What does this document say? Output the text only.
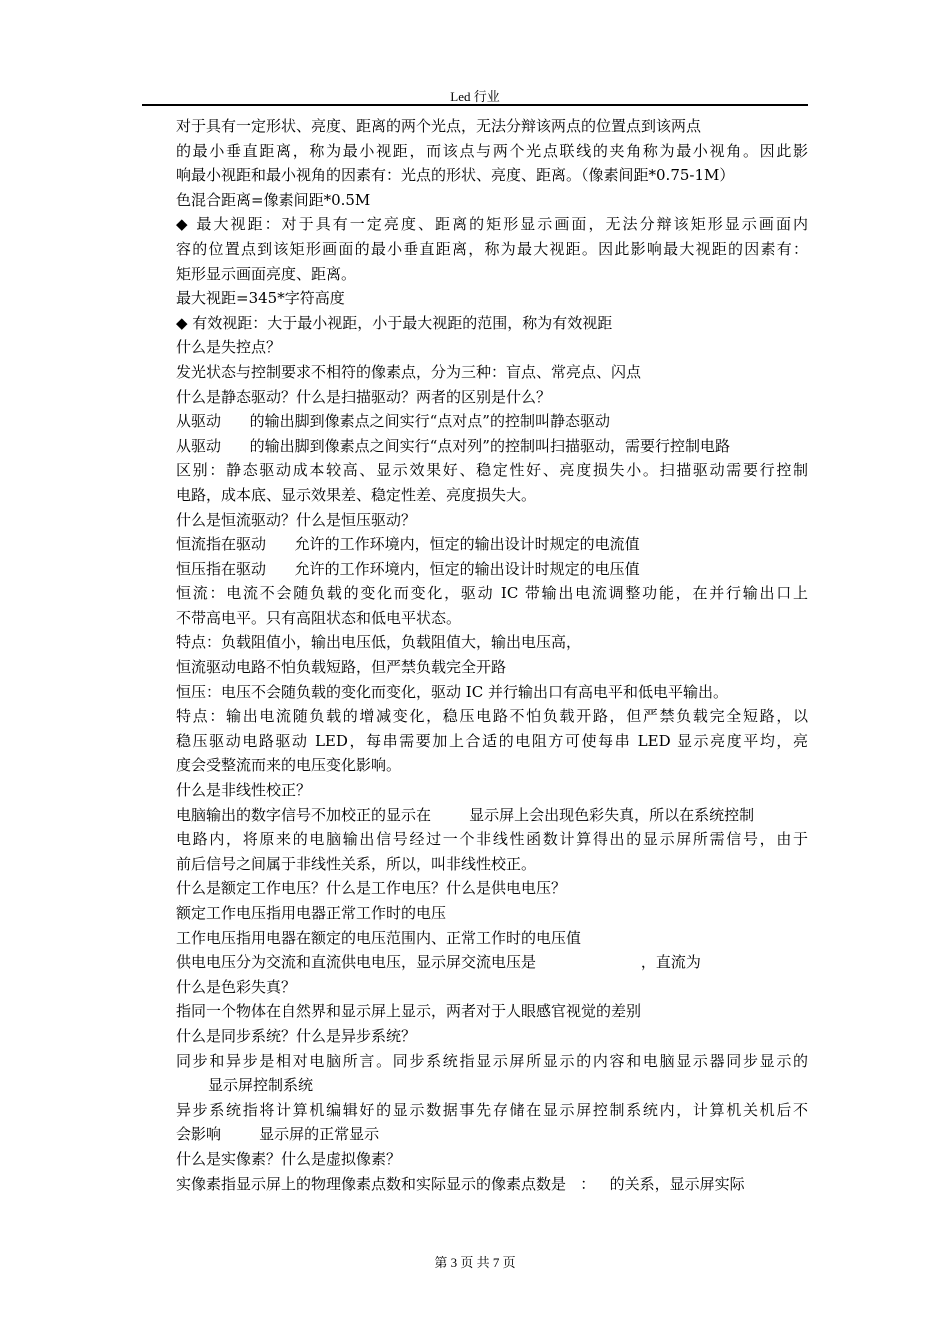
Led 行业
对于具有一定形状、亮度、距离的两个光点，无法分辩该两点的位置点到该两点
的最小垂直距离，称为最小视距，而该点与两个光点联线的夹角称为最小视角。因此影
响最小视距和最小视角的因素有：光点的形状、亮度、距离。（像素间距*0.75-1M）
色混合距离=像素间距*0.5M
◆ 最大视距：对于具有一定亮度、距离的矩形显示画面，无法分辩该矩形显示画面内
容的位置点到该矩形画面的最小垂直距离，称为最大视距。因此影响最大视距的因素有：
矩形显示画面亮度、距离。
最大视距=345*字符高度
◆ 有效视距：大于最小视距，小于最大视距的范围，称为有效视距
什么是失控点？
发光状态与控制要求不相符的像素点，分为三种：盲点、常亮点、闪点
什么是静态驱动？什么是扫描驱动？两者的区别是什么？
从驱动      的输出脚到像素点之间实行“点对点”的控制叫静态驱动
从驱动      的输出脚到像素点之间实行“点对列”的控制叫扫描驱动，需要行控制电路
区别：静态驱动成本较高、显示效果好、稳定性好、亮度损失小。扫描驱动需要行控制
电路，成本底、显示效果差、稳定性差、亮度损失大。
什么是恒流驱动？什么是恒压驱动？
恒流指在驱动      允许的工作环境内，恒定的输出设计时规定的电流值
恒压指在驱动      允许的工作环境内，恒定的输出设计时规定的电压值
恒流：电流不会随负载的变化而变化，驱动 IC 带输出电流调整功能，在并行输出口上
不带高电平。只有高阻状态和低电平状态。
特点：负载阻值小，输出电压低，负载阻值大，输出电压高，
恒流驱动电路不怕负载短路，但严禁负载完全开路
恒压：电压不会随负载的变化而变化，驱动 IC 并行输出口有高电平和低电平输出。
特点：输出电流随负载的增减变化，稳压电路不怕负载开路，但严禁负载完全短路，以
稳压驱动电路驱动 LED，每串需要加上合适的电阻方可使每串 LED 显示亮度平均，亮
度会受整流而来的电压变化影响。
什么是非线性校正？
电脑输出的数字信号不加校正的显示在        显示屏上会出现色彩失真，所以在系统控制
电路内，将原来的电脑输出信号经过一个非线性函数计算得出的显示屏所需信号，由于
前后信号之间属于非线性关系，所以，叫非线性校正。
什么是额定工作电压？什么是工作电压？什么是供电电压？
额定工作电压指用电器正常工作时的电压
工作电压指用电器在额定的电压范围内、正常工作时的电压值
供电电压分为交流和直流供电电压，显示屏交流电压是                      ，直流为
什么是色彩失真？
指同一个物体在自然界和显示屏上显示，两者对于人眼感官视觉的差别
什么是同步系统？什么是异步系统？
同步和异步是相对电脑所言。同步系统指显示屏所显示的内容和电脑显示器同步显示的
显示屏控制系统
异步系统指将计算机编辑好的显示数据事先存储在显示屏控制系统内，计算机关机后不
会影响        显示屏的正常显示
什么是实像素？什么是虚拟像素？
实像素指显示屏上的物理像素点数和实际显示的像素点数是   ：   的关系，显示屏实际
第 3 页 共 7 页
